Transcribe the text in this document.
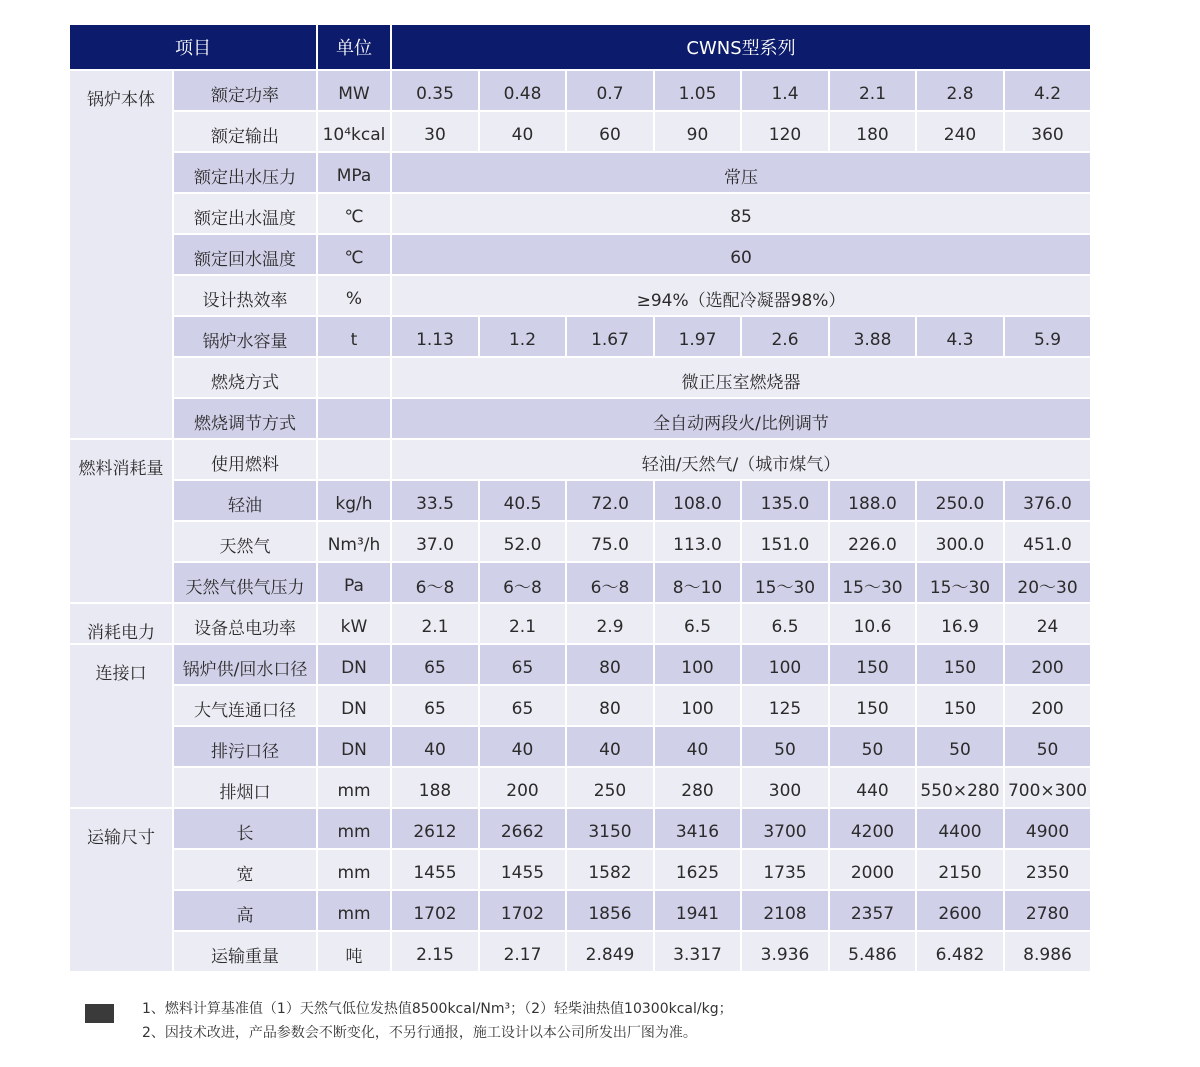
项目		单位	CWNS型系列							
锅炉本体	额定功率	MW	0.35	0.48	0.7	1.05	1.4	2.1	2.8	4.2
	额定输出	10⁴kcal	30	40	60	90	120	180	240	360
	额定出水压力	MPa	常压							
	额定出水温度	℃	85							
	额定回水温度	℃	60							
	设计热效率	%	≥94%（选配冷凝器98%）							
	锅炉水容量	t	1.13	1.2	1.67	1.97	2.6	3.88	4.3	5.9
	燃烧方式		微正压室燃烧器							
	燃烧调节方式		全自动两段火/比例调节							
燃料消耗量	使用燃料		轻油/天然气/（城市煤气）							
	轻油	kg/h	33.5	40.5	72.0	108.0	135.0	188.0	250.0	376.0
	天然气	Nm³/h	37.0	52.0	75.0	113.0	151.0	226.0	300.0	451.0
	天然气供气压力	Pa	6～8	6～8	6～8	8～10	15～30	15～30	15～30	20～30
消耗电力	设备总电功率	kW	2.1	2.1	2.9	6.5	6.5	10.6	16.9	24
连接口	锅炉供/回水口径	DN	65	65	80	100	100	150	150	200
	大气连通口径	DN	65	65	80	100	125	150	150	200
	排污口径	DN	40	40	40	40	50	50	50	50
	排烟口	mm	188	200	250	280	300	440	550×280	700×300
运输尺寸	长	mm	2612	2662	3150	3416	3700	4200	4400	4900
	宽	mm	1455	1455	1582	1625	1735	2000	2150	2350
	高	mm	1702	1702	1856	1941	2108	2357	2600	2780
	运输重量	吨	2.15	2.17	2.849	3.317	3.936	5.486	6.482	8.986
1、燃料计算基准值（1）天然气低位发热值8500kcal/Nm³；（2）轻柴油热值10300kcal/kg；
2、因技术改进，产品参数会不断变化，不另行通报，施工设计以本公司所发出厂图为准。
